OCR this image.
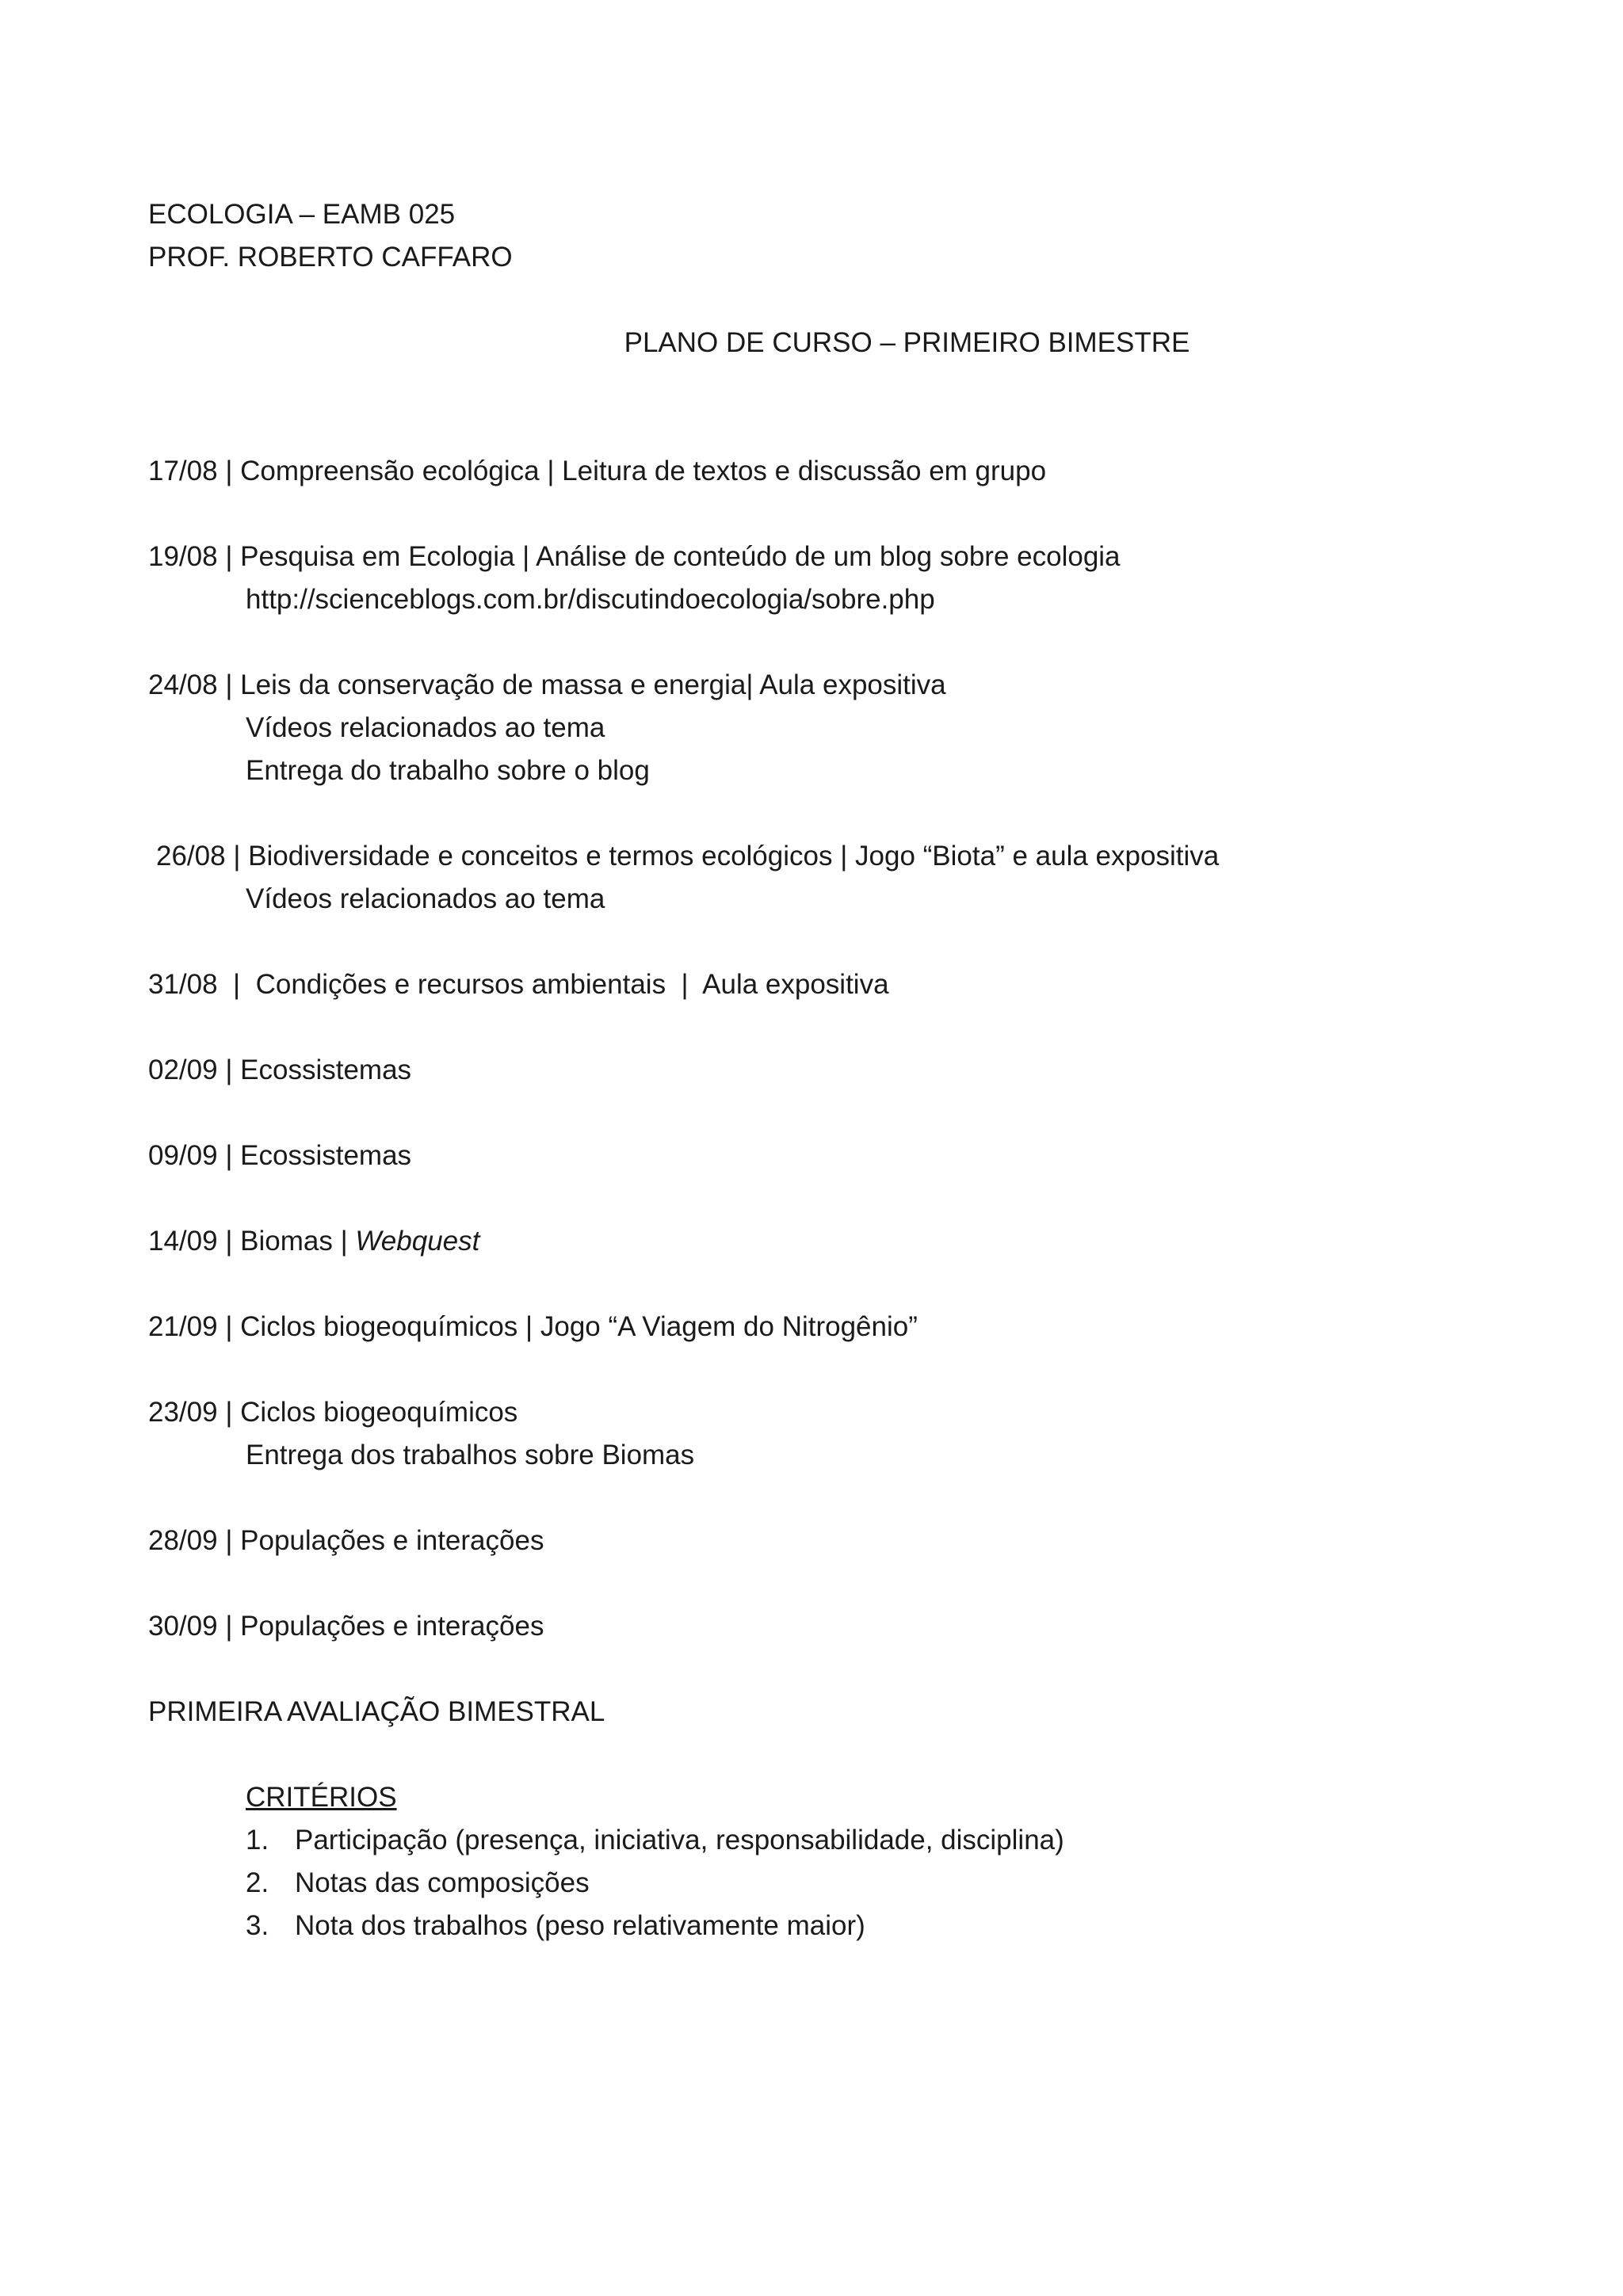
ECOLOGIA – EAMB 025
PROF. ROBERTO CAFFARO
PLANO DE CURSO – PRIMEIRO BIMESTRE
17/08 | Compreensão ecológica | Leitura de textos e discussão em grupo
19/08 | Pesquisa em Ecologia | Análise de conteúdo de um blog sobre ecologia
http://scienceblogs.com.br/discutindoecologia/sobre.php
24/08 | Leis da conservação de massa e energia| Aula expositiva
Vídeos relacionados ao tema
Entrega do trabalho sobre o blog
26/08 | Biodiversidade e conceitos e termos ecológicos | Jogo “Biota” e aula expositiva
Vídeos relacionados ao tema
31/08  |  Condições e recursos ambientais  |  Aula expositiva
02/09 | Ecossistemas
09/09 | Ecossistemas
14/09 | Biomas | Webquest
21/09 | Ciclos biogeoquímicos | Jogo “A Viagem do Nitrogênio”
23/09 | Ciclos biogeoquímicos
Entrega dos trabalhos sobre Biomas
28/09 | Populações e interações
30/09 | Populações e interações
PRIMEIRA AVALIAÇÃO BIMESTRAL
CRITÉRIOS
1. Participação (presença, iniciativa, responsabilidade, disciplina)
2. Notas das composições
3. Nota dos trabalhos (peso relativamente maior)
